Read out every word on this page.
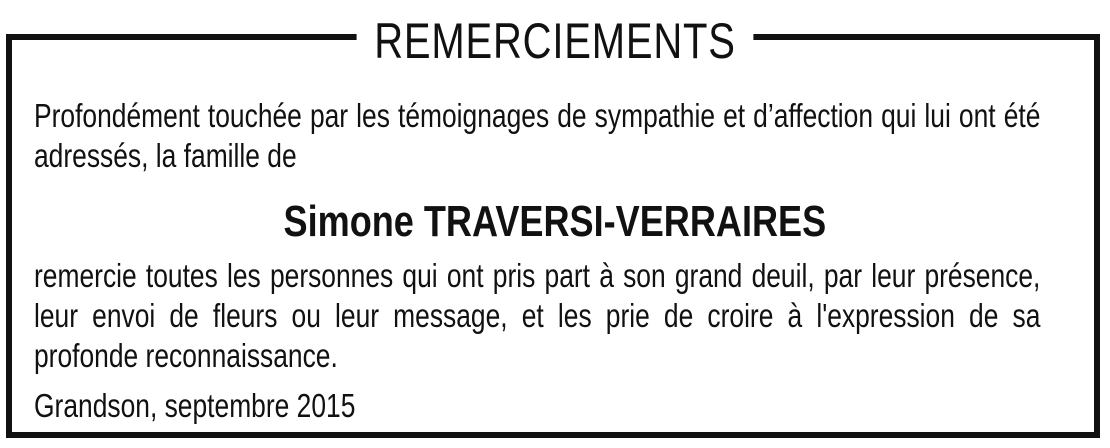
REMERCIEMENTS
Profondément touchée par les témoignages de sympathie et d’affection qui lui ont été adressés, la famille de
Simone TRAVERSI-VERRAIRES
remercie toutes les personnes qui ont pris part à son grand deuil, par leur présence, leur envoi de fleurs ou leur message, et les prie de croire à l'expression de sa profonde reconnaissance.
Grandson, septembre 2015
